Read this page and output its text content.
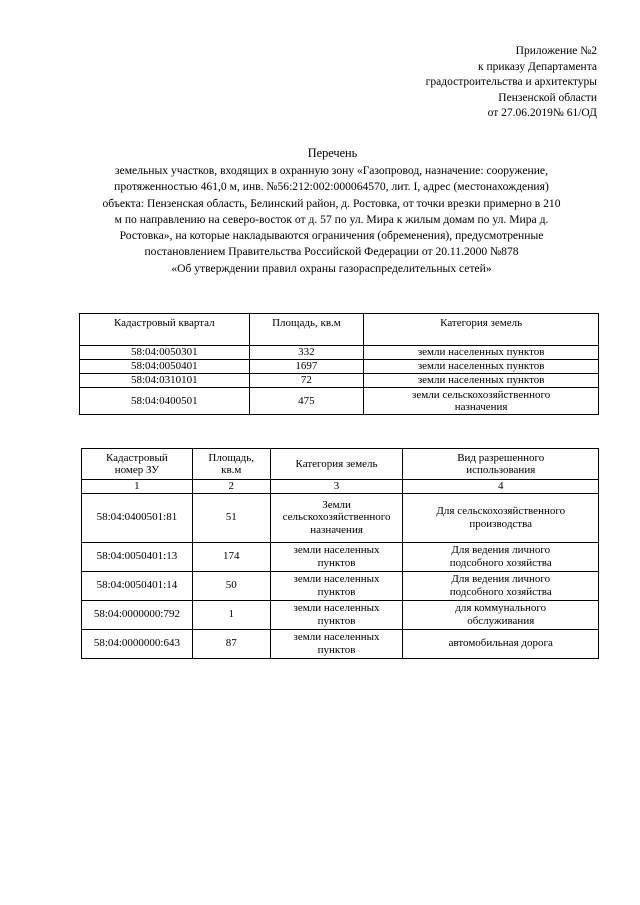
Приложение №2
к приказу Департамента
градостроительства и архитектуры
Пензенской области
от 27.06.2019№ 61/ОД
Перечень
земельных участков, входящих в охранную зону «Газопровод, назначение: сооружение,
протяженностью 461,0 м, инв. №56:212:002:000064570, лит. I, адрес (местонахождения)
объекта: Пензенская область, Белинский район, д. Ростовка, от точки врезки примерно в 210
м по направлению на северо-восток от д. 57 по ул. Мира к жилым домам по ул. Мира д.
Ростовка», на которые накладываются ограничения (обременения), предусмотренные
постановлением Правительства Российской Федерации от 20.11.2000 №878
«Об утверждении правил охраны газораспределительных сетей»
Кадастровый квартал	Площадь, кв.м	Категория земель
58:04:0050301	332	земли населенных пунктов
58:04:0050401	1697	земли населенных пунктов
58:04:0310101	72	земли населенных пунктов
58:04:0400501	475	земли сельскохозяйственного назначения
Кадастровый номер ЗУ	Площадь, кв.м	Категория земель	Вид разрешенного использования
1	2	3	4
58:04:0400501:81	51	Земли сельскохозяйственного назначения	Для сельскохозяйственного производства
58:04:0050401:13	174	земли населенных пунктов	Для ведения личного подсобного хозяйства
58:04:0050401:14	50	земли населенных пунктов	Для ведения личного подсобного хозяйства
58:04:0000000:792	1	земли населенных пунктов	для коммунального обслуживания
58:04:0000000:643	87	земли населенных пунктов	автомобильная дорога
